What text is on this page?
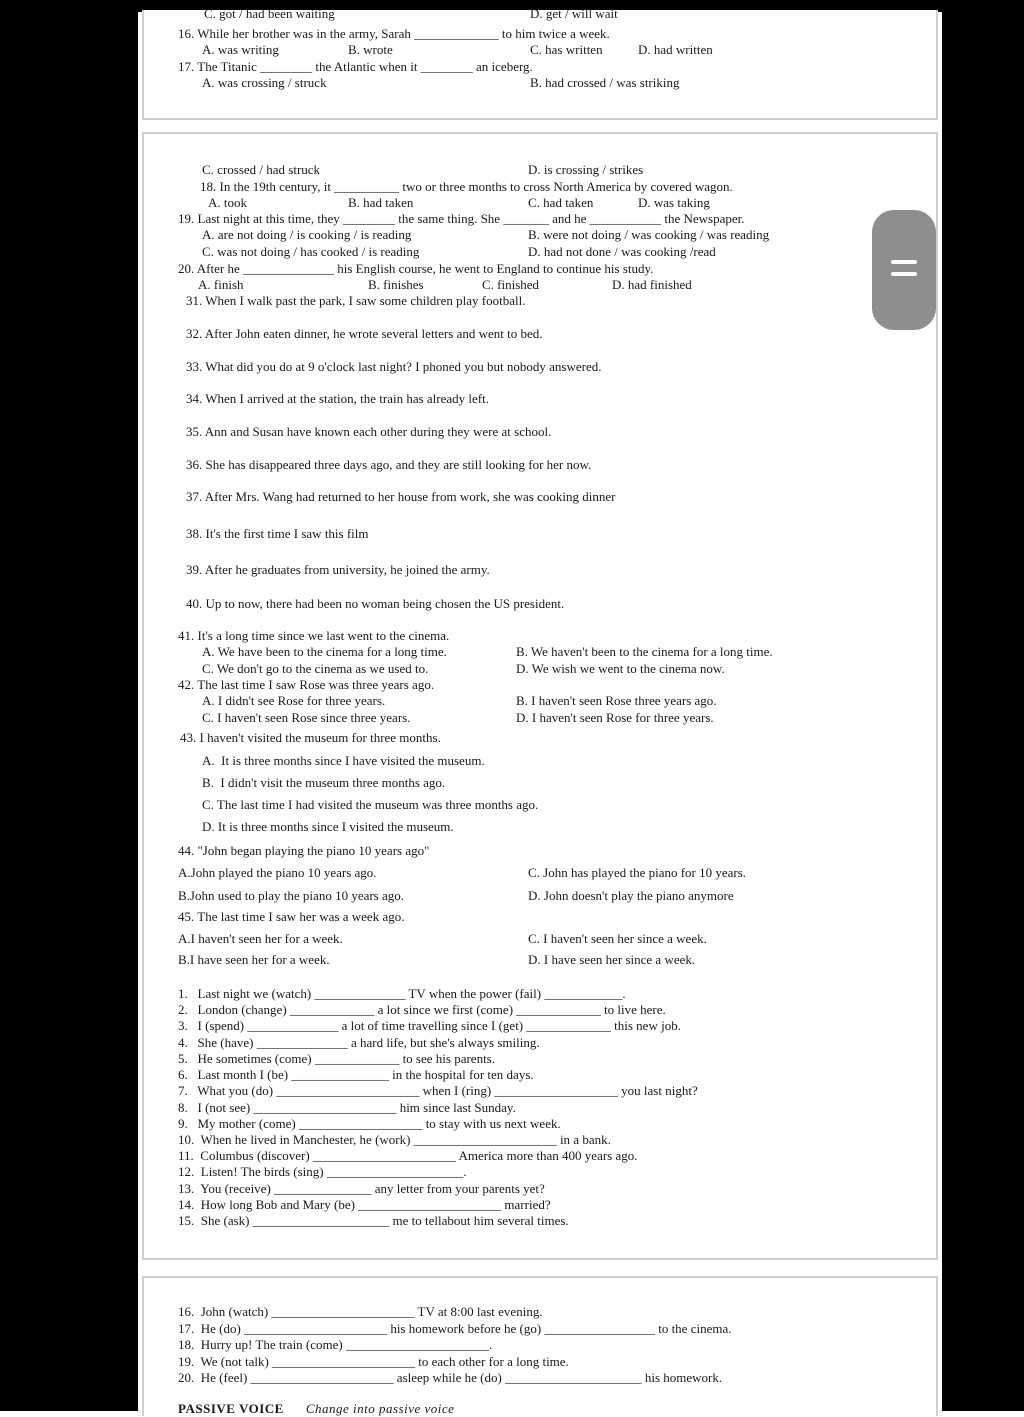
C. got / had been waiting	D. get / will wait
16. While her brother was in the army, Sarah _____________ to him twice a week.
A. was writing	B. wrote	C. has written	D. had written
17. The Titanic ________ the Atlantic when it ________ an iceberg.
A. was crossing / struck	B. had crossed / was striking
C. crossed / had struck	D. is crossing / strikes
18. In the 19th century, it __________ two or three months to cross North America by covered wagon.
A. took	B. had taken	C. had taken	D. was taking
19. Last night at this time, they ________ the same thing. She _______ and he ___________ the Newspaper.
A. are not doing / is cooking / is reading	B. were not doing / was cooking / was reading
C. was not doing / has cooked / is reading	D. had not done / was cooking /read
20. After he ______________ his English course, he went to England to continue his study.
A. finish	B. finishes	C. finished	D. had finished
31. When I walk past the park, I saw some children play football.
32. After John eaten dinner, he wrote several letters and went to bed.
33. What did you do at 9 o'clock last night? I phoned you but nobody answered.
34. When I arrived at the station, the train has already left.
35. Ann and Susan have known each other during they were at school.
36. She has disappeared three days ago, and they are still looking for her now.
37. After Mrs. Wang had returned to her house from work, she was cooking dinner
38. It's the first time I saw this film
39. After he graduates from university, he joined the army.
40. Up to now, there had been no woman being chosen the US president.
41. It's a long time since we last went to the cinema.
A. We have been to the cinema for a long time.	B. We haven't been to the cinema for a long time.
C. We don't go to the cinema as we used to.	D. We wish we went to the cinema now.
42. The last time I saw Rose was three years ago.
A. I didn't see Rose for three years.	B. I haven't seen Rose three years ago.
C. I haven't seen Rose since three years.	D. I haven't seen Rose for three years.
43. I haven't visited the museum for three months.
A.  It is three months since I have visited the museum.
B.  I didn't visit the museum three months ago.
C. The last time I had visited the museum was three months ago.
D. It is three months since I visited the museum.
44. "John began playing the piano 10 years ago"
A.John played the piano 10 years ago.	C. John has played the piano for 10 years.
B.John used to play the piano 10 years ago.	D. John doesn't play the piano anymore
45. The last time I saw her was a week ago.
A.I haven't seen her for a week.	C. I haven't seen her since a week.
B.I have seen her for a week.	D. I have seen her since a week.
1.   Last night we (watch) ______________ TV when the power (fail) ____________.
2.   London (change) _____________ a lot since we first (come) _____________ to live here.
3.   I (spend) ______________ a lot of time travelling since I (get) _____________ this new job.
4.   She (have) ______________ a hard life, but she's always smiling.
5.   He sometimes (come) _____________ to see his parents.
6.   Last month I (be) _______________ in the hospital for ten days.
7.   What you (do) ______________________ when I (ring) ___________________ you last night?
8.   I (not see) ______________________ him since last Sunday.
9.   My mother (come) ___________________ to stay with us next week.
10.  When he lived in Manchester, he (work) ______________________ in a bank.
11.  Columbus (discover) ______________________ America more than 400 years ago.
12.  Listen! The birds (sing) _____________________.
13.  You (receive) _______________ any letter from your parents yet?
14.  How long Bob and Mary (be) ______________________ married?
15.  She (ask) _____________________ me to tellabout him several times.
16.  John (watch) ______________________ TV at 8:00 last evening.
17.  He (do) ______________________ his homework before he (go) _________________ to the cinema.
18.  Hurry up! The train (come) ______________________.
19.  We (not talk) ______________________ to each other for a long time.
20.  He (feel) ______________________ asleep while he (do) _____________________ his homework.
PASSIVE VOICE Change into passive voice
